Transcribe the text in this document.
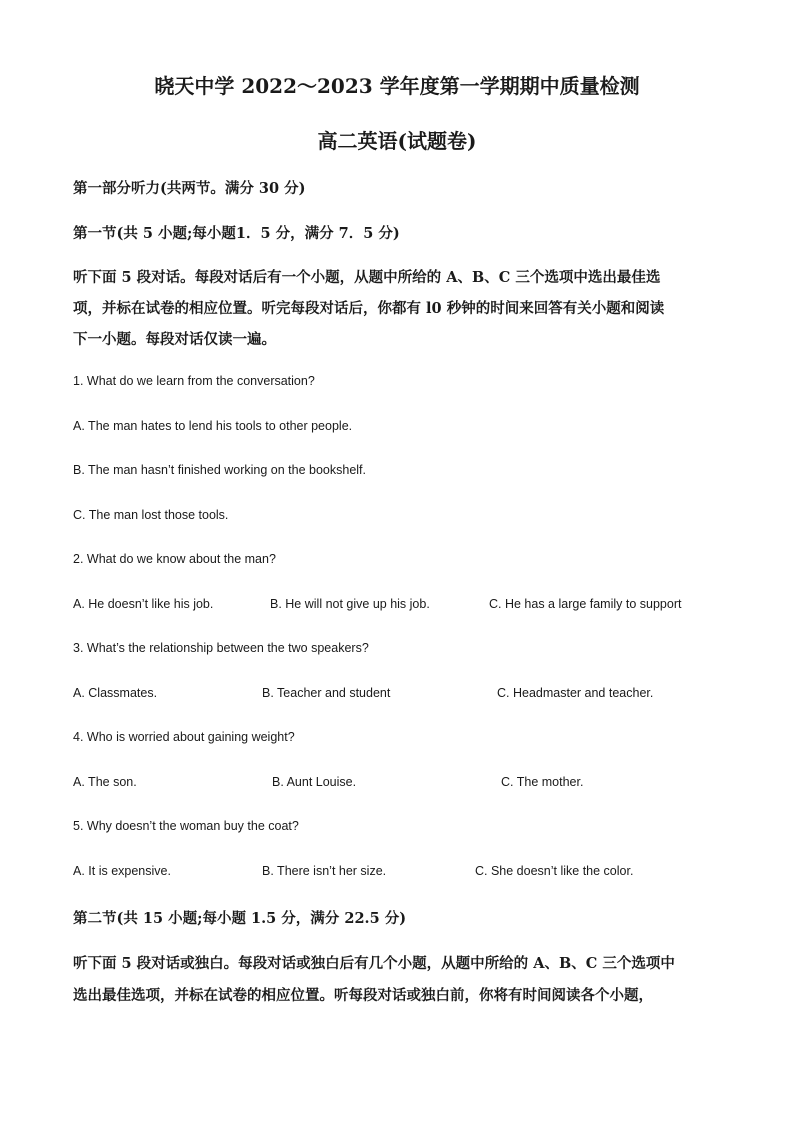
晓天中学 2022～2023 学年度第一学期期中质量检测
高二英语(试题卷)
第一部分听力(共两节。满分 30 分)
第一节(共 5 小题;每小题1．5 分，满分 7．5 分)
听下面 5 段对话。每段对话后有一个小题，从题中所给的 A、B、C 三个选项中选出最佳选
项，并标在试卷的相应位置。听完每段对话后，你都有 l0 秒钟的时间来回答有关小题和阅读
下一小题。每段对话仅读一遍。
1. What do we learn from the conversation?
A. The man hates to lend his tools to other people.
B. The man hasn’t finished working on the bookshelf.
C. The man lost those tools.
2. What do we know about the man?
A. He doesn’t like his job.	B. He will not give up his job.	C. He has a large family to support
3. What’s the relationship between the two speakers?
A. Classmates.	B. Teacher and student	C. Headmaster and teacher.
4. Who is worried about gaining weight?
A. The son.	B. Aunt Louise.	C. The mother.
5. Why doesn’t the woman buy the coat?
A. It is expensive.	B. There isn’t her size.	C. She doesn’t like the color.
第二节(共 15 小题;每小题 1.5 分，满分 22.5 分)
听下面 5 段对话或独白。每段对话或独白后有几个小题，从题中所给的 A、B、C 三个选项中
选出最佳选项，并标在试卷的相应位置。听每段对话或独白前，你将有时间阅读各个小题，
